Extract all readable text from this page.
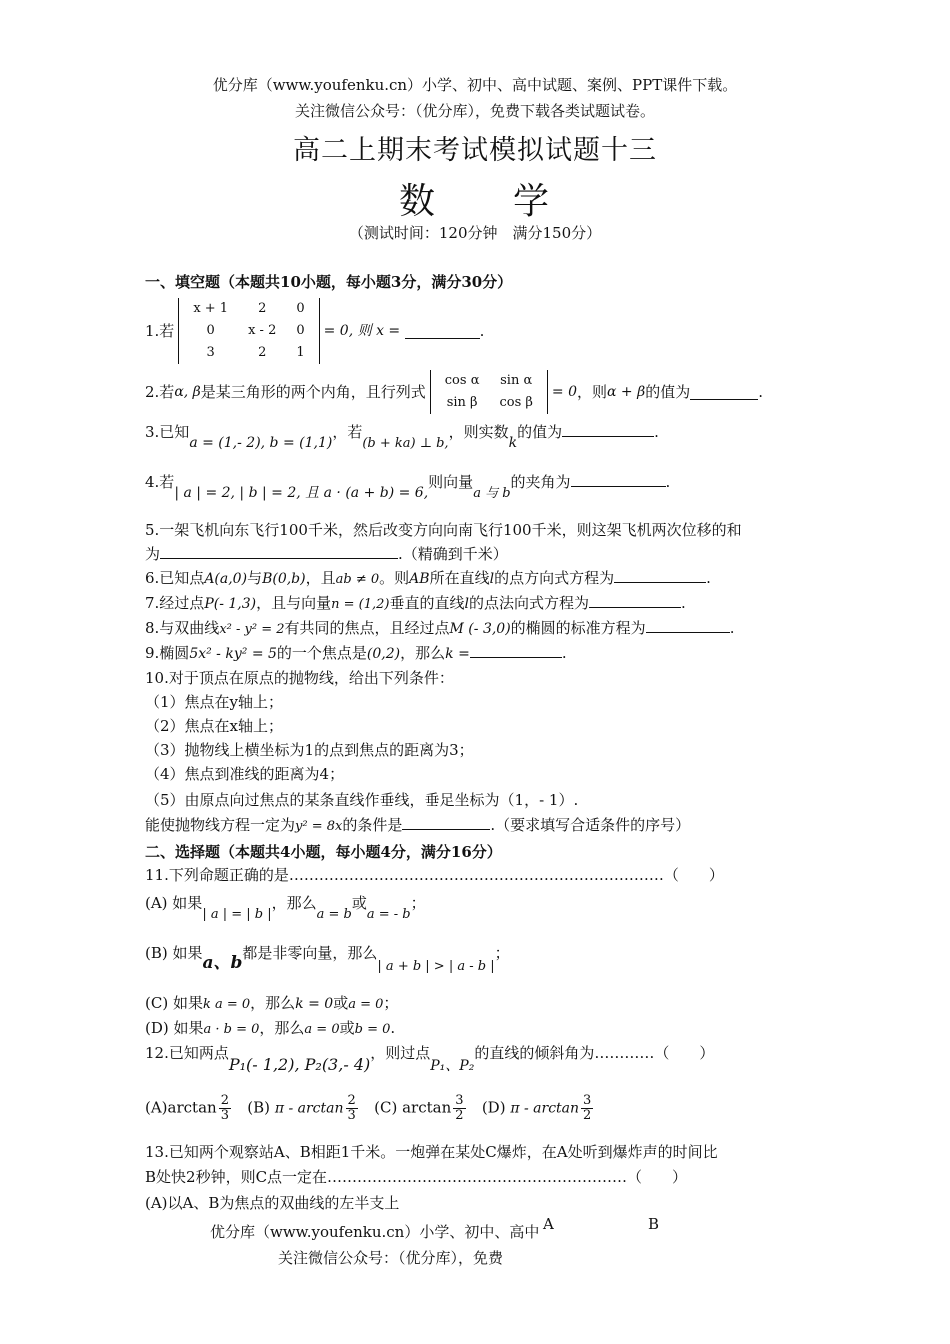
优分库（www.youfenku.cn）小学、初中、高中试题、案例、PPT课件下载。
关注微信公众号：（优分库），免费下载各类试题试卷。
高二上期末考试模拟试题十三
数　　学
（测试时间：120分钟　满分150分）
一、填空题（本题共10小题，每小题3分，满分30分）
1.若
x + 1	2	0
0	x - 2	0
3	2	1
= 0, 则 x =	.
2.若α, β是某三角形的两个内角，且行列式
cos α	sin α
sin β	cos β
= 0，则α + β的值为	.
3.已知a = (1,- 2), b = (1,1)，若(b + ka) ⊥ b,，则实数k的值为	.
4.若| a | = 2, | b | = 2, 且 a · (a + b) = 6,则向量a 与 b的夹角为	.
5.一架飞机向东飞行100千米，然后改变方向向南飞行100千米，则这架飞机两次位移的和
为	.（精确到千米）
6.已知点A(a,0)与B(0,b)，且ab ≠ 0。则AB所在直线l的点方向式方程为	.
7.经过点P(- 1,3)，且与向量n = (1,2)垂直的直线l的点法向式方程为	.
8.与双曲线x² - y² = 2有共同的焦点，且经过点M (- 3,0)的椭圆的标准方程为	.
9.椭圆5x² - ky² = 5的一个焦点是(0,2)，那么k =	.
10.对于顶点在原点的抛物线，给出下列条件：
（1）焦点在y轴上；
（2）焦点在x轴上；
（3）抛物线上横坐标为1的点到焦点的距离为3；
（4）焦点到准线的距离为4；
（5）由原点向过焦点的某条直线作垂线，垂足坐标为（1，- 1）.
能使抛物线方程一定为y² = 8x的条件是	.（要求填写合适条件的序号）
二、选择题（本题共4小题，每小题4分，满分16分）
11.下列命题正确的是…………………………………………………………………（　　）
(A) 如果| a | = | b |，那么a = b或a = - b；
(B) 如果a、b都是非零向量，那么| a + b | > | a - b |；
(C) 如果k a = 0，那么k = 0或a = 0；
(D) 如果a · b = 0，那么a = 0或b = 0.
12.已知两点P₁(- 1,2), P₂(3,- 4)，则过点P₁、P₂的直线的倾斜角为…………（　　）
$(A)\arctan \frac{2}{3} (B)$ π - $\arctan \frac{2}{3} (C)$ $\arctan \frac{3}{2} (D)$ π - $\arctan \frac{3}{2}$
13.已知两个观察站A、B相距1千米。一炮弹在某处C爆炸，在A处听到爆炸声的时间比
B处快2秒钟，则C点一定在……………………………………………………（　　）
(A)以A、B为焦点的双曲线的左半支上
A	B
优分库（www.youfenku.cn）小学、初中、高中
关注微信公众号：（优分库），免费
